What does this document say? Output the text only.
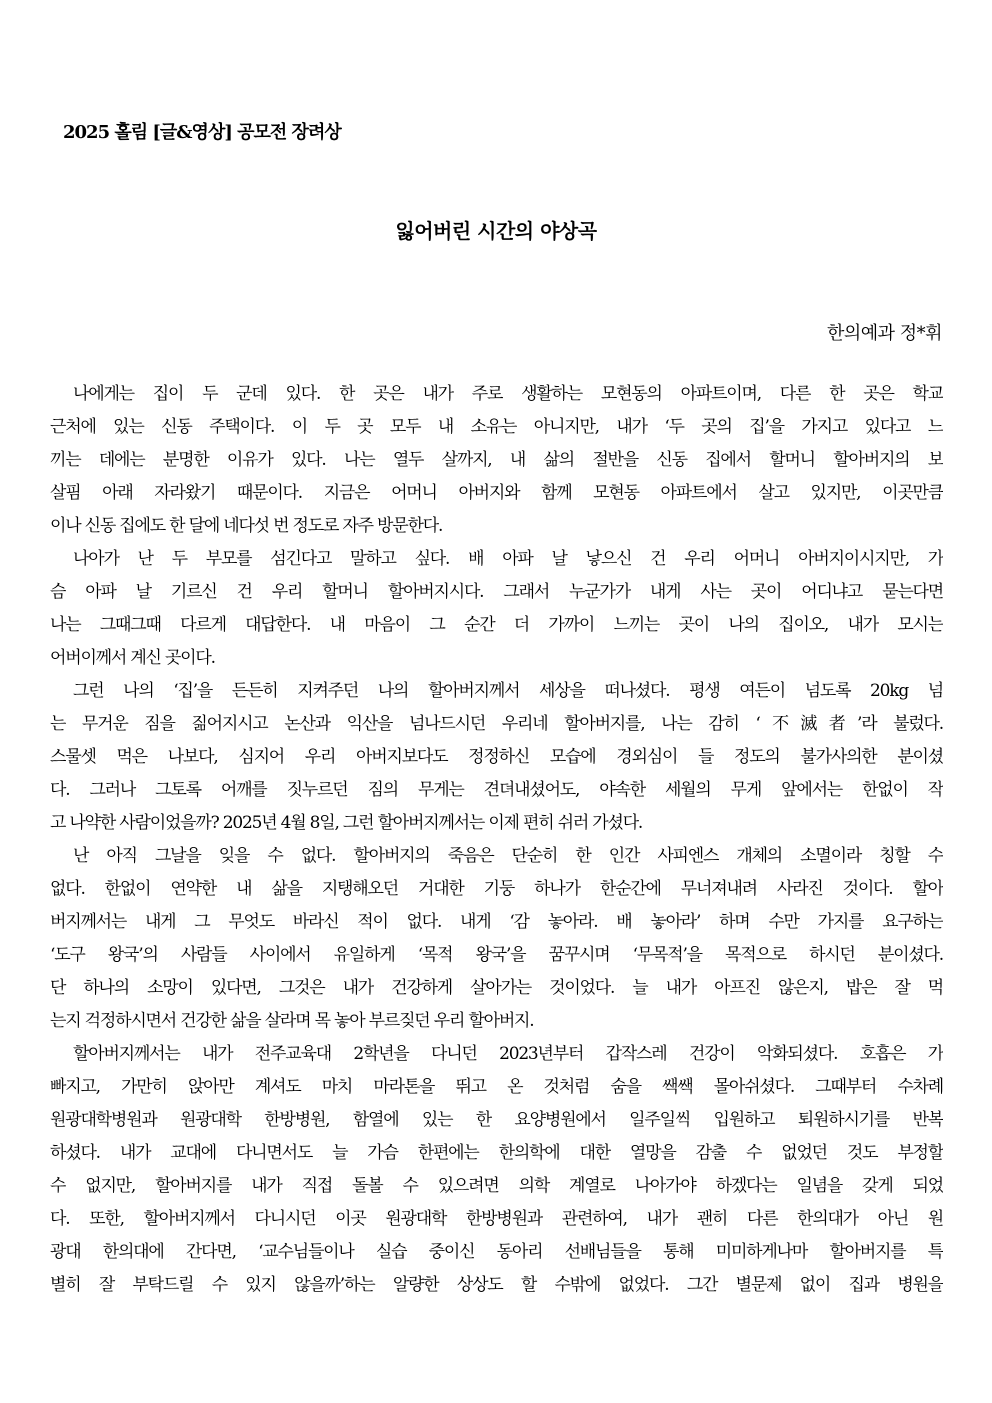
2025 홀림 [글&영상] 공모전 장려상
잃어버린 시간의 야상곡
한의예과 정*휘
나에게는 집이 두 군데 있다. 한 곳은 내가 주로 생활하는 모현동의 아파트이며, 다른 한 곳은 학교
근처에 있는 신동 주택이다. 이 두 곳 모두 내 소유는 아니지만, 내가 ‘두 곳의 집’을 가지고 있다고 느
끼는 데에는 분명한 이유가 있다. 나는 열두 살까지, 내 삶의 절반을 신동 집에서 할머니 할아버지의 보
살핌 아래 자라왔기 때문이다. 지금은 어머니 아버지와 함께 모현동 아파트에서 살고 있지만, 이곳만큼
이나 신동 집에도 한 달에 네다섯 번 정도로 자주 방문한다.
나아가 난 두 부모를 섬긴다고 말하고 싶다. 배 아파 날 낳으신 건 우리 어머니 아버지이시지만, 가
슴 아파 날 기르신 건 우리 할머니 할아버지시다. 그래서 누군가가 내게 사는 곳이 어디냐고 묻는다면
나는 그때그때 다르게 대답한다. 내 마음이 그 순간 더 가까이 느끼는 곳이 나의 집이오, 내가 모시는
어버이께서 계신 곳이다.
그런 나의 ‘집’을 든든히 지켜주던 나의 할아버지께서 세상을 떠나셨다. 평생 여든이 넘도록 20kg 넘
는 무거운 짐을 짊어지시고 논산과 익산을 넘나드시던 우리네 할아버지를, 나는 감히 ‘不滅者’라 불렀다.
스물셋 먹은 나보다, 심지어 우리 아버지보다도 정정하신 모습에 경외심이 들 정도의 불가사의한 분이셨
다. 그러나 그토록 어깨를 짓누르던 짐의 무게는 견뎌내셨어도, 야속한 세월의 무게 앞에서는 한없이 작
고 나약한 사람이었을까? 2025년 4월 8일, 그런 할아버지께서는 이제 편히 쉬러 가셨다.
난 아직 그날을 잊을 수 없다. 할아버지의 죽음은 단순히 한 인간 사피엔스 개체의 소멸이라 칭할 수
없다. 한없이 연약한 내 삶을 지탱해오던 거대한 기둥 하나가 한순간에 무너져내려 사라진 것이다. 할아
버지께서는 내게 그 무엇도 바라신 적이 없다. 내게 ‘감 놓아라. 배 놓아라’ 하며 수만 가지를 요구하는
‘도구 왕국’의 사람들 사이에서 유일하게 ‘목적 왕국’을 꿈꾸시며 ‘무목적’을 목적으로 하시던 분이셨다.
단 하나의 소망이 있다면, 그것은 내가 건강하게 살아가는 것이었다. 늘 내가 아프진 않은지, 밥은 잘 먹
는지 걱정하시면서 건강한 삶을 살라며 목 놓아 부르짖던 우리 할아버지.
할아버지께서는 내가 전주교육대 2학년을 다니던 2023년부터 갑작스레 건강이 악화되셨다. 호흡은 가
빠지고, 가만히 앉아만 계셔도 마치 마라톤을 뛰고 온 것처럼 숨을 쌕쌕 몰아쉬셨다. 그때부터 수차례
원광대학병원과 원광대학 한방병원, 함열에 있는 한 요양병원에서 일주일씩 입원하고 퇴원하시기를 반복
하셨다. 내가 교대에 다니면서도 늘 가슴 한편에는 한의학에 대한 열망을 감출 수 없었던 것도 부정할
수 없지만, 할아버지를 내가 직접 돌볼 수 있으려면 의학 계열로 나아가야 하겠다는 일념을 갖게 되었
다. 또한, 할아버지께서 다니시던 이곳 원광대학 한방병원과 관련하여, 내가 괜히 다른 한의대가 아닌 원
광대 한의대에 간다면, ‘교수님들이나 실습 중이신 동아리 선배님들을 통해 미미하게나마 할아버지를 특
별히 잘 부탁드릴 수 있지 않을까’하는 알량한 상상도 할 수밖에 없었다. 그간 별문제 없이 집과 병원을
